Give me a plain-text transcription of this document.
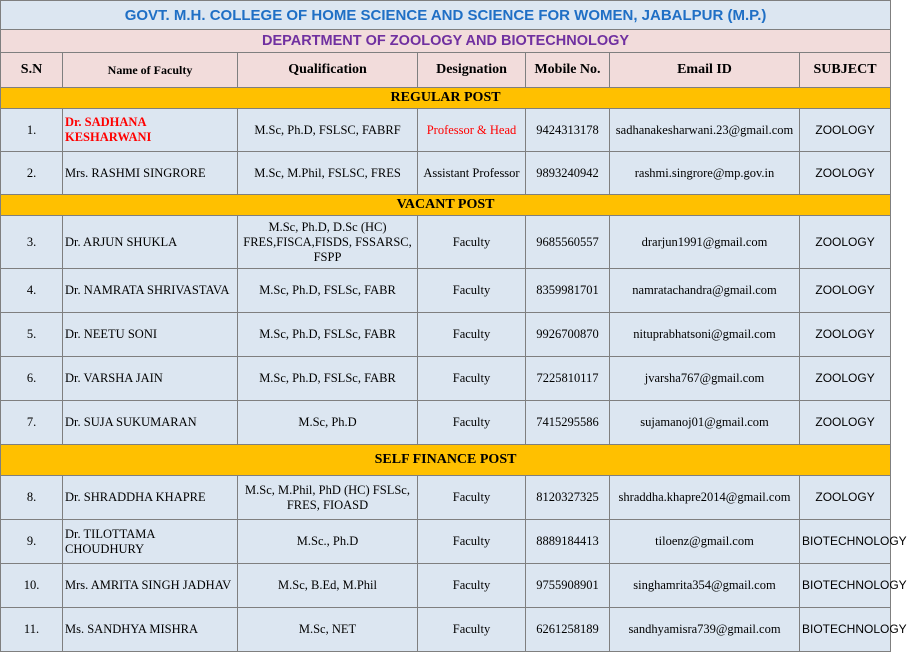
GOVT. M.H. COLLEGE OF HOME SCIENCE AND SCIENCE FOR WOMEN, JABALPUR (M.P.)						
DEPARTMENT OF ZOOLOGY AND BIOTECHNOLOGY						
S.N	Name of Faculty	Qualification	Designation	Mobile No.	Email ID	SUBJECT
REGULAR POST						
1.	Dr. SADHANA KESHARWANI	M.Sc, Ph.D, FSLSC, FABRF	Professor & Head	9424313178	sadhanakesharwani.23@gmail.com	ZOOLOGY
2.	Mrs. RASHMI SINGRORE	M.Sc, M.Phil, FSLSC, FRES	Assistant Professor	9893240942	rashmi.singrore@mp.gov.in	ZOOLOGY
VACANT POST						
3.	Dr. ARJUN SHUKLA	M.Sc, Ph.D, D.Sc (HC) FRES,FISCA,FISDS, FSSARSC, FSPP	Faculty	9685560557	drarjun1991@gmail.com	ZOOLOGY
4.	Dr. NAMRATA SHRIVASTAVA	M.Sc, Ph.D, FSLSc, FABR	Faculty	8359981701	namratachandra@gmail.com	ZOOLOGY
5.	Dr. NEETU SONI	M.Sc, Ph.D, FSLSc, FABR	Faculty	9926700870	nituprabhatsoni@gmail.com	ZOOLOGY
6.	Dr. VARSHA JAIN	M.Sc, Ph.D, FSLSc, FABR	Faculty	7225810117	jvarsha767@gmail.com	ZOOLOGY
7.	Dr. SUJA SUKUMARAN	M.Sc, Ph.D	Faculty	7415295586	sujamanoj01@gmail.com	ZOOLOGY
SELF FINANCE POST						
8.	Dr. SHRADDHA KHAPRE	M.Sc, M.Phil, PhD (HC) FSLSc, FRES, FIOASD	Faculty	8120327325	shraddha.khapre2014@gmail.com	ZOOLOGY
9.	Dr. TILOTTAMA CHOUDHURY	M.Sc., Ph.D	Faculty	8889184413	tiloenz@gmail.com	BIOTECHNOLOGY
10.	Mrs. AMRITA SINGH JADHAV	M.Sc, B.Ed, M.Phil	Faculty	9755908901	singhamrita354@gmail.com	BIOTECHNOLOGY
11.	Ms. SANDHYA MISHRA	M.Sc, NET	Faculty	6261258189	sandhyamisra739@gmail.com	BIOTECHNOLOGY
